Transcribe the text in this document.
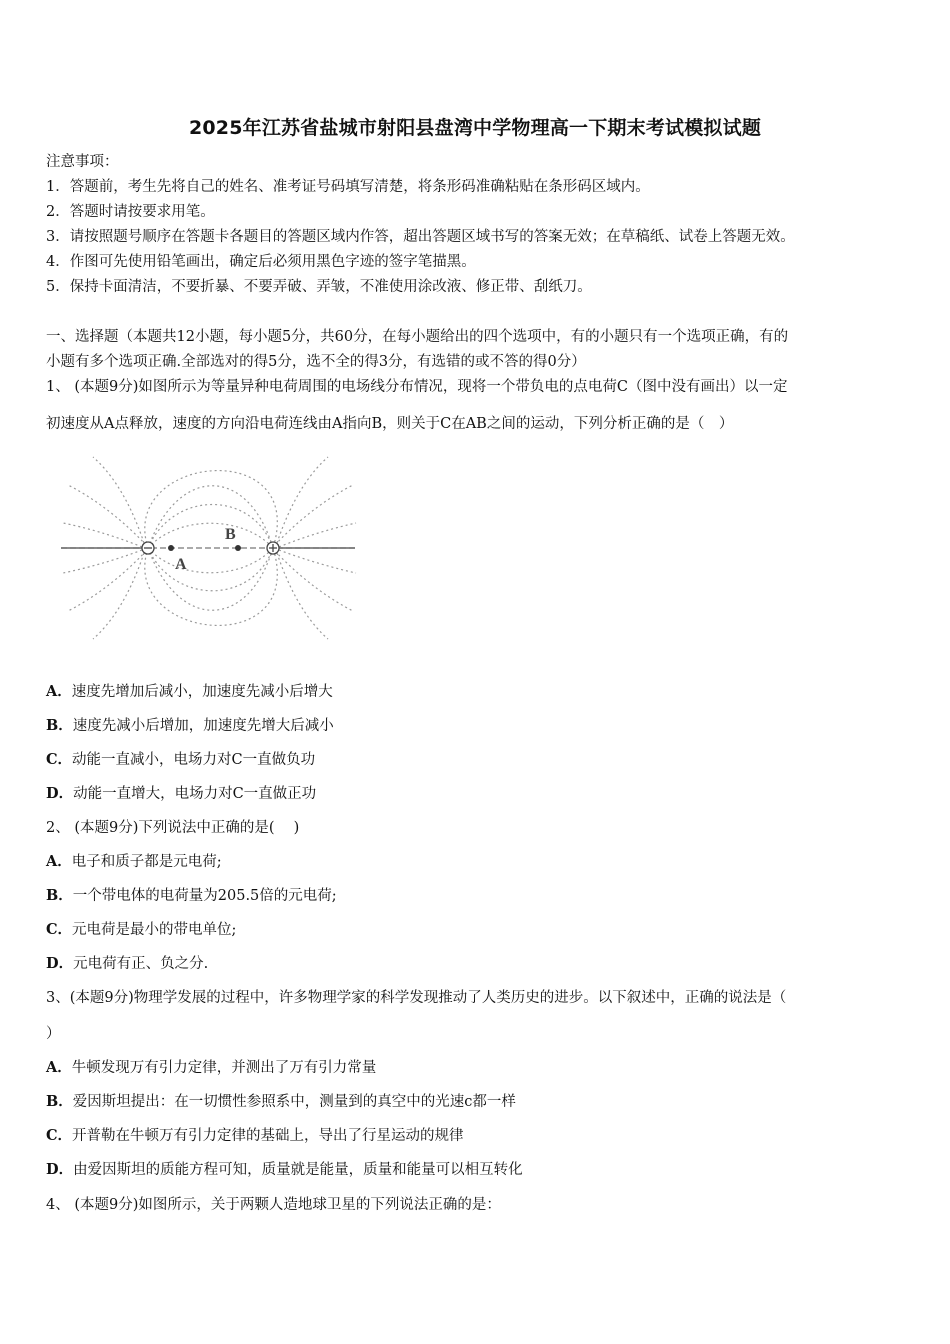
2025年江苏省盐城市射阳县盘湾中学物理高一下期末考试模拟试题
注意事项：
1．答题前，考生先将自己的姓名、准考证号码填写清楚，将条形码准确粘贴在条形码区域内。
2．答题时请按要求用笔。
3．请按照题号顺序在答题卡各题目的答题区域内作答，超出答题区域书写的答案无效；在草稿纸、试卷上答题无效。
4．作图可先使用铅笔画出，确定后必须用黑色字迹的签字笔描黑。
5．保持卡面清洁，不要折暴、不要弄破、弄皱，不准使用涂改液、修正带、刮纸刀。
一、选择题（本题共12小题，每小题5分，共60分，在每小题给出的四个选项中，有的小题只有一个选项正确，有的
小题有多个选项正确.全部选对的得5分，选不全的得3分，有选错的或不答的得0分）
1、 (本题9分)如图所示为等量异种电荷周围的电场线分布情况，现将一个带负电的点电荷C（图中没有画出）以一定
初速度从A点释放，速度的方向沿电荷连线由A指向B，则关于C在AB之间的运动，下列分析正确的是（　）
A
B
A．速度先增加后减小，加速度先减小后增大
B．速度先减小后增加，加速度先增大后减小
C．动能一直减小，电场力对C一直做负功
D．动能一直增大，电场力对C一直做正功
2、 (本题9分)下列说法中正确的是(　 )
A．电子和质子都是元电荷;
B．一个带电体的电荷量为205.5倍的元电荷;
C．元电荷是最小的带电单位;
D．元电荷有正、负之分.
3、(本题9分)物理学发展的过程中，许多物理学家的科学发现推动了人类历史的进步。以下叙述中，正确的说法是（
）
A．牛顿发现万有引力定律，并测出了万有引力常量
B．爱因斯坦提出：在一切惯性参照系中，测量到的真空中的光速c都一样
C．开普勒在牛顿万有引力定律的基础上，导出了行星运动的规律
D．由爱因斯坦的质能方程可知，质量就是能量，质量和能量可以相互转化
4、 (本题9分)如图所示，关于两颗人造地球卫星的下列说法正确的是：
